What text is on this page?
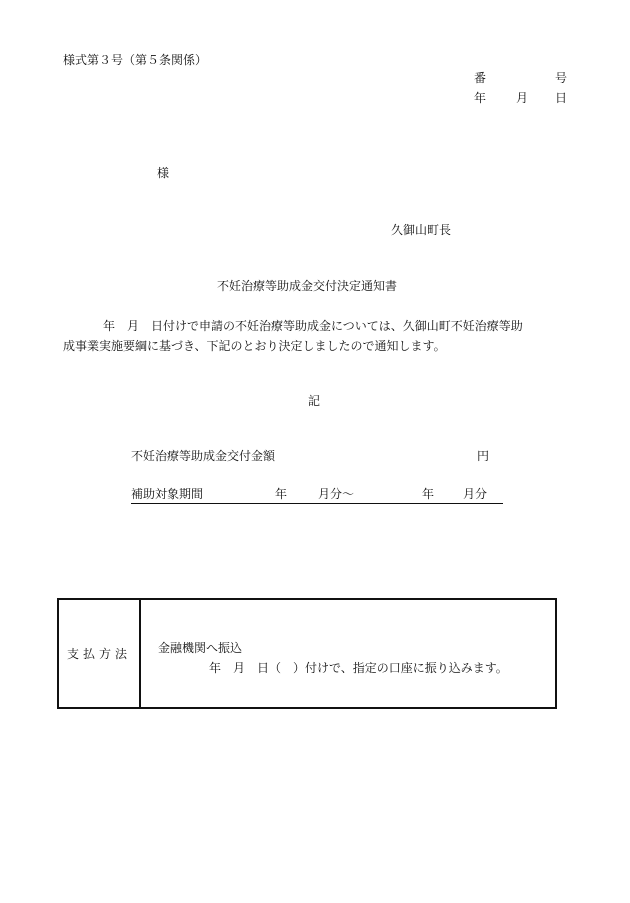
様式第３号（第５条関係）
番	号
年 月 日
様
久御山町長
不妊治療等助成金交付決定通知書
年　月　日付けで申請の不妊治療等助成金については、久御山町不妊治療等助
成事業実施要綱に基づき、下記のとおり決定しましたので通知します。
記
不妊治療等助成金交付金額	円
補助対象期間	年	月分～	年 月分
支払方法	金融機関へ振込
年　月　日（　）付けで、指定の口座に振り込みます。
